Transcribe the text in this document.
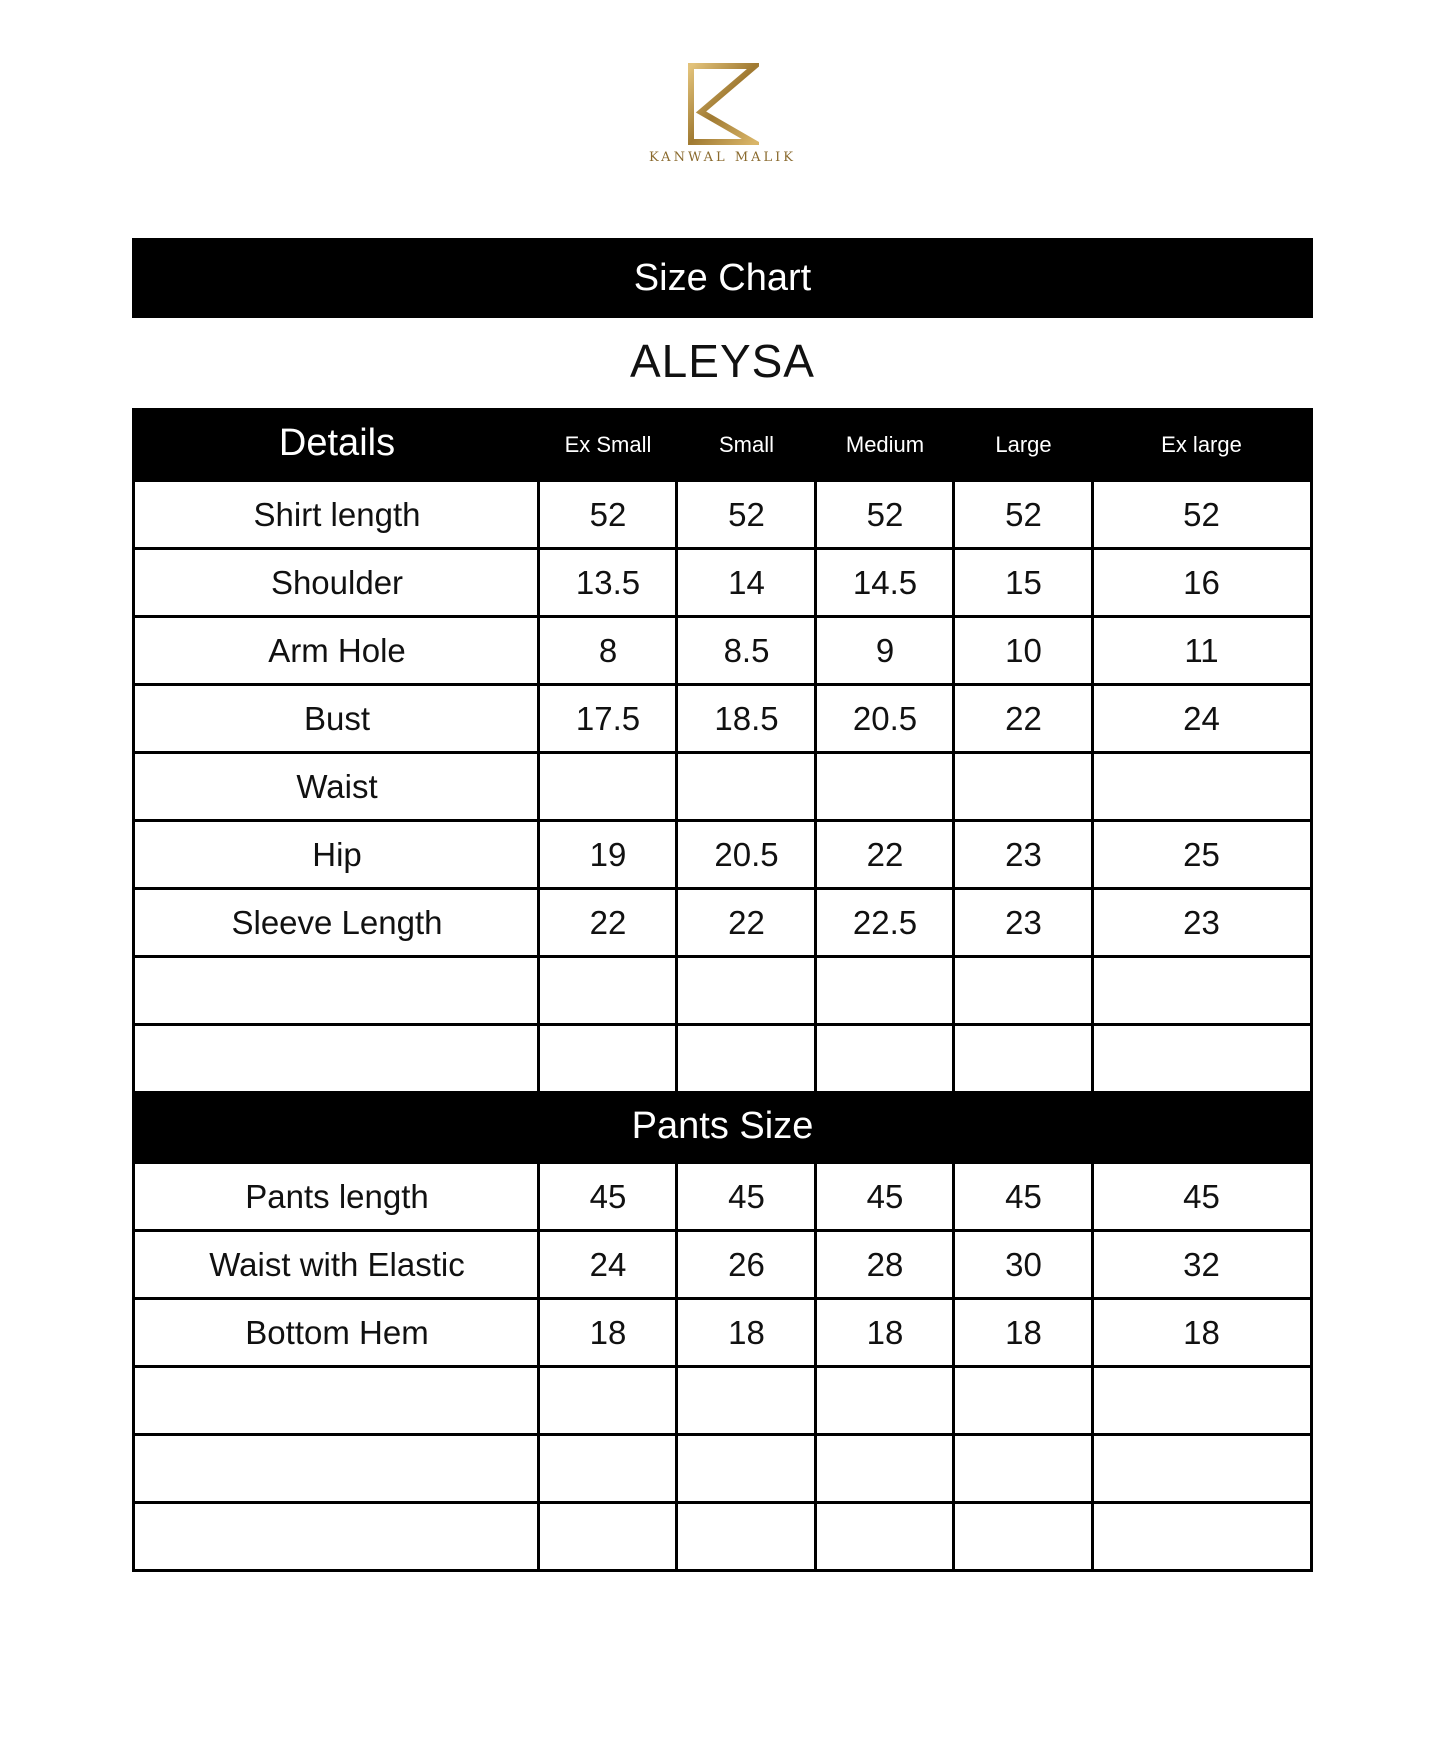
KANWAL MALIK
Size Chart
ALEYSA
Details	Ex Small	Small	Medium	Large	Ex large
Shirt length	52	52	52	52	52
Shoulder	13.5	14	14.5	15	16
Arm Hole	8	8.5	9	10	11
Bust	17.5	18.5	20.5	22	24
Waist
Hip	19	20.5	22	23	25
Sleeve Length	22	22	22.5	23	23
Pants Size
Pants length	45	45	45	45	45
Waist with Elastic	24	26	28	30	32
Bottom Hem	18	18	18	18	18
